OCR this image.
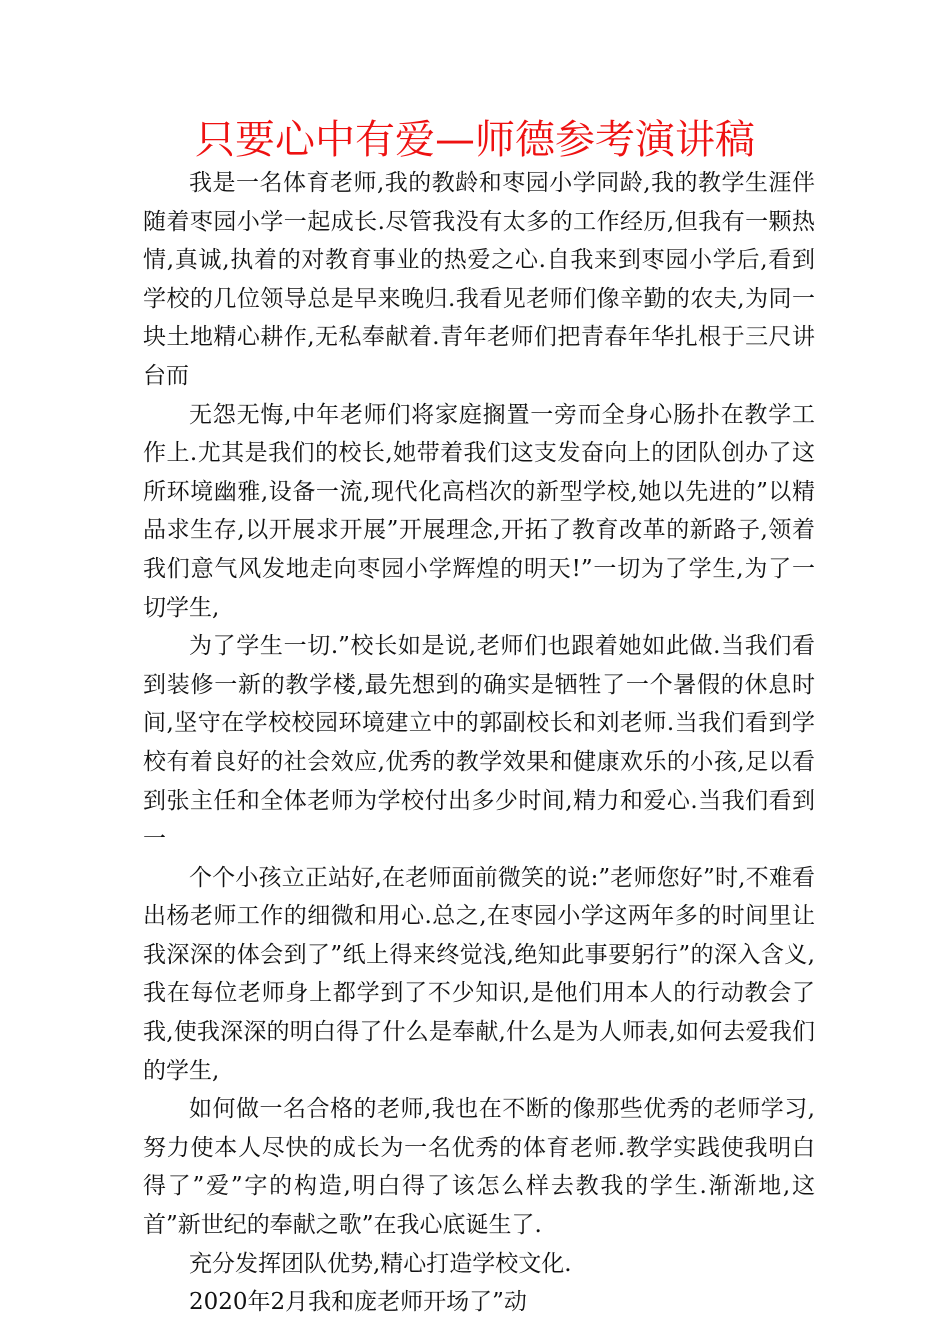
只要心中有爱—师德参考演讲稿

我是一名体育老师,我的教龄和枣园小学同龄,我的教学生涯伴随着枣园小学一起成长.尽管我没有太多的工作经历,但我有一颗热情,真诚,执着的对教育事业的热爱之心.自我来到枣园小学后,看到学校的几位领导总是早来晚归.我看见老师们像辛勤的农夫,为同一块土地精心耕作,无私奉献着.青年老师们把青春年华扎根于三尺讲台而

无怨无悔,中年老师们将家庭搁置一旁而全身心肠扑在教学工作上.尤其是我们的校长,她带着我们这支发奋向上的团队创办了这所环境幽雅,设备一流,现代化高档次的新型学校,她以先进的”以精品求生存,以开展求开展”开展理念,开拓了教育改革的新路子,领着我们意气风发地走向枣园小学辉煌的明天!”一切为了学生,为了一切学生,

为了学生一切.”校长如是说,老师们也跟着她如此做.当我们看到装修一新的教学楼,最先想到的确实是牺牲了一个暑假的休息时间,坚守在学校校园环境建立中的郭副校长和刘老师.当我们看到学校有着良好的社会效应,优秀的教学效果和健康欢乐的小孩,足以看到张主任和全体老师为学校付出多少时间,精力和爱心.当我们看到一

个个小孩立正站好,在老师面前微笑的说:”老师您好”时,不难看出杨老师工作的细微和用心.总之,在枣园小学这两年多的时间里让我深深的体会到了”纸上得来终觉浅,绝知此事要躬行”的深入含义,我在每位老师身上都学到了不少知识,是他们用本人的行动教会了我,使我深深的明白得了什么是奉献,什么是为人师表,如何去爱我们的学生,

如何做一名合格的老师,我也在不断的像那些优秀的老师学习,努力使本人尽快的成长为一名优秀的体育老师.教学实践使我明白得了”爱”字的构造,明白得了该怎么样去教我的学生.渐渐地,这首”新世纪的奉献之歌”在我心底诞生了.

充分发挥团队优势,精心打造学校文化.

2020年2月我和庞老师开场了”动
